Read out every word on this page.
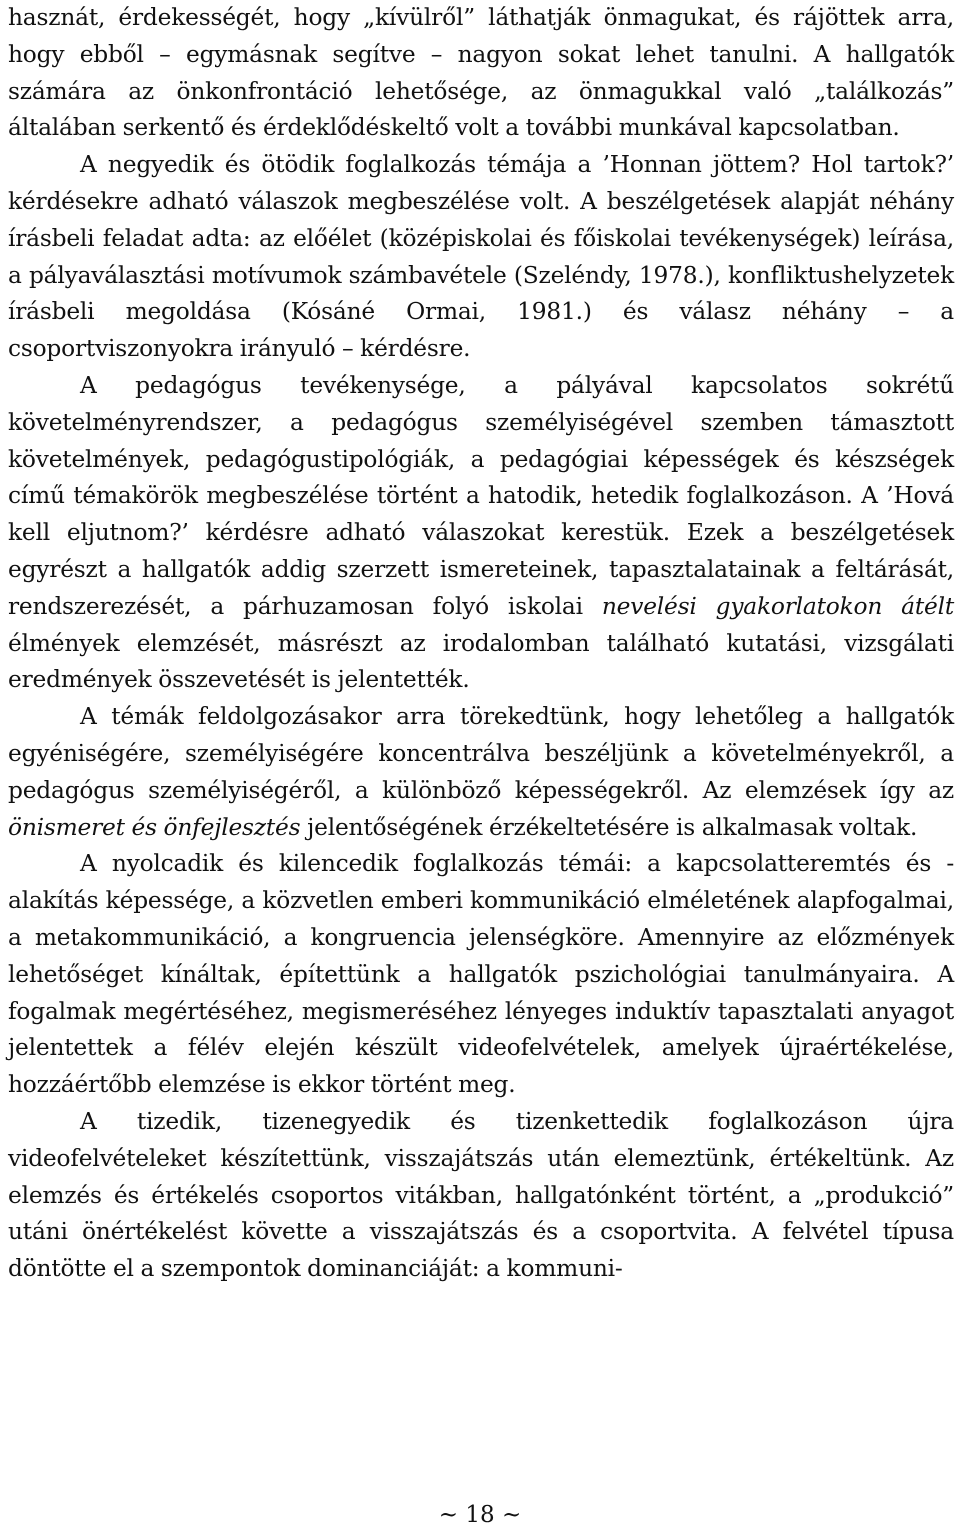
hasznát, érdekességét, hogy „kívülről” láthatják önmagukat, és rájöttek arra, hogy ebből – egymásnak segítve – nagyon sokat lehet tanulni. A hallgatók számára az önkonfrontáció lehetősége, az önmagukkal való „találkozás” általában serkentő és érdeklődéskeltő volt a további munkával kapcsolatban.

A negyedik és ötödik foglalkozás témája a ’Honnan jöttem? Hol tartok?’ kérdésekre adható válaszok megbeszélése volt. A beszélgetések alapját néhány írásbeli feladat adta: az előélet (középiskolai és főiskolai tevékenységek) leírása, a pályaválasztási motívumok számbavétele (Szeléndy, 1978.), konfliktushelyzetek írásbeli megoldása (Kósáné Ormai, 1981.) és válasz néhány – a csoportviszonyokra irányuló – kérdésre.

A pedagógus tevékenysége, a pályával kapcsolatos sokrétű követelményrendszer, a pedagógus személyiségével szemben támasztott követelmények, pedagógustipológiák, a pedagógiai képességek és készségek című témakörök megbeszélése történt a hatodik, hetedik foglalkozáson. A ’Hová kell eljutnom?’ kérdésre adható válaszokat kerestük. Ezek a beszélgetések egyrészt a hallgatók addig szerzett ismereteinek, tapasztalatainak a feltárását, rendszerezését, a párhuzamosan folyó iskolai nevelési gyakorlatokon átélt élmények elemzését, másrészt az irodalomban található kutatási, vizsgálati eredmények összevetését is jelentették.

A témák feldolgozásakor arra törekedtünk, hogy lehetőleg a hallgatók egyéniségére, személyiségére koncentrálva beszéljünk a követelményekről, a pedagógus személyiségéről, a különböző képességekről. Az elemzések így az önismeret és önfejlesztés jelentőségének érzékeltetésére is alkalmasak voltak.

A nyolcadik és kilencedik foglalkozás témái: a kapcsolatteremtés és -alakítás képessége, a közvetlen emberi kommunikáció elméletének alapfogalmai, a metakommunikáció, a kongruencia jelenségköre. Amennyire az előzmények lehetőséget kínáltak, építettünk a hallgatók pszichológiai tanulmányaira. A fogalmak megértéséhez, megismeréséhez lényeges induktív tapasztalati anyagot jelentettek a félév elején készült videofelvételek, amelyek újraértékelése, hozzáértőbb elemzése is ekkor történt meg.

A tizedik, tizenegyedik és tizenkettedik foglalkozáson újra videofelvételeket készítettünk, visszajátszás után elemeztünk, értékeltünk. Az elemzés és értékelés csoportos vitákban, hallgatónként történt, a „produkció” utáni önértékelést követte a visszajátszás és a csoportvita. A felvétel típusa döntötte el a szempontok dominanciáját: a kommuni-

~ 18 ~
